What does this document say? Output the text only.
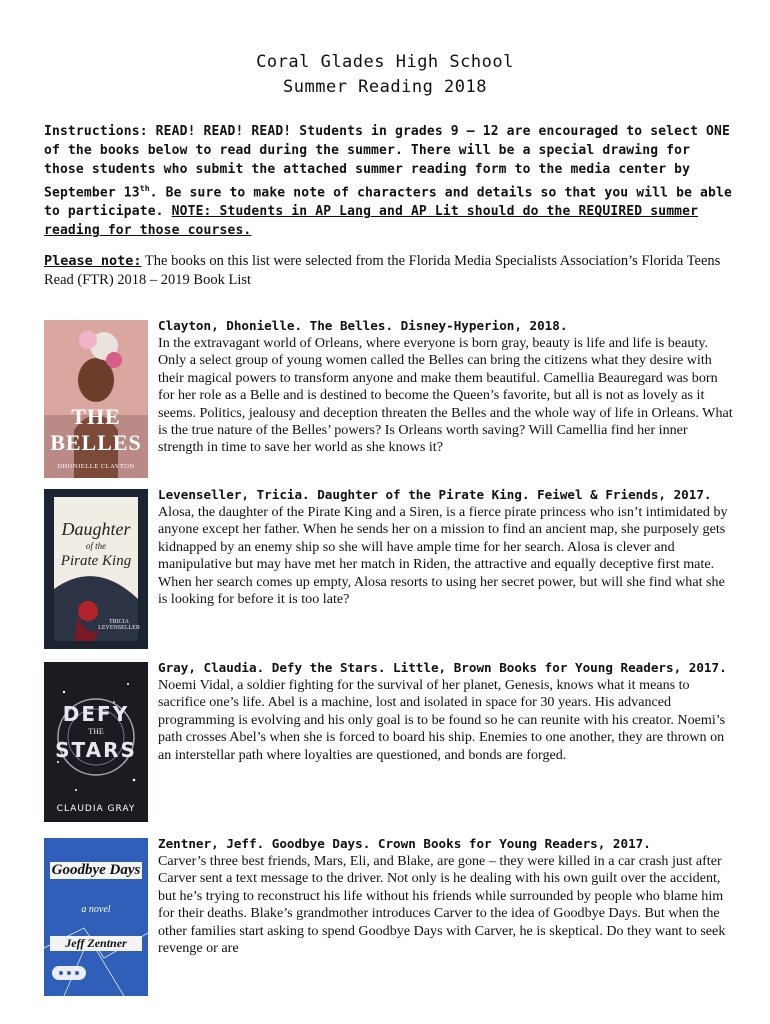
Coral Glades High School
Summer Reading 2018
Instructions: READ! READ! READ! Students in grades 9 – 12 are encouraged to select ONE of the books below to read during the summer. There will be a special drawing for those students who submit the attached summer reading form to the media center by September 13th. Be sure to make note of characters and details so that you will be able to participate. NOTE: Students in AP Lang and AP Lit should do the REQUIRED summer reading for those courses.
Please note: The books on this list were selected from the Florida Media Specialists Association’s Florida Teens Read (FTR) 2018 – 2019 Book List
THE BELLES
DHONIELLE CLAYTON
Clayton, Dhonielle. The Belles. Disney-Hyperion, 2018.
In the extravagant world of Orleans, where everyone is born gray, beauty is life and life is beauty. Only a select group of young women called the Belles can bring the citizens what they desire with their magical powers to transform anyone and make them beautiful. Camellia Beauregard was born for her role as a Belle and is destined to become the Queen’s favorite, but all is not as lovely as it seems. Politics, jealousy and deception threaten the Belles and the whole way of life in Orleans. What is the true nature of the Belles’ powers? Is Orleans worth saving? Will Camellia find her inner strength in time to save her world as she knows it?
Daughter
of the
Pirate King
TRICIA LEVENSELLER
Levenseller, Tricia. Daughter of the Pirate King. Feiwel & Friends, 2017.
Alosa, the daughter of the Pirate King and a Siren, is a fierce pirate princess who isn’t intimidated by anyone except her father. When he sends her on a mission to find an ancient map, she purposely gets kidnapped by an enemy ship so she will have ample time for her search. Alosa is clever and manipulative but may have met her match in Riden, the attractive and equally deceptive first mate. When her search comes up empty, Alosa resorts to using her secret power, but will she find what she is looking for before it is too late?
DEFY
THE
STARS
CLAUDIA GRAY
Gray, Claudia. Defy the Stars. Little, Brown Books for Young Readers, 2017.
Noemi Vidal, a soldier fighting for the survival of her planet, Genesis, knows what it means to sacrifice one’s life. Abel is a machine, lost and isolated in space for 30 years. His advanced programming is evolving and his only goal is to be found so he can reunite with his creator. Noemi’s path crosses Abel’s when she is forced to board his ship. Enemies to one another, they are thrown on an interstellar path where loyalties are questioned, and bonds are forged.
Goodbye Days
a novel
Jeff Zentner
Zentner, Jeff. Goodbye Days. Crown Books for Young Readers, 2017.
Carver’s three best friends, Mars, Eli, and Blake, are gone – they were killed in a car crash just after Carver sent a text message to the driver. Not only is he dealing with his own guilt over the accident, but he’s trying to reconstruct his life without his friends while surrounded by people who blame him for their deaths. Blake’s grandmother introduces Carver to the idea of Goodbye Days. But when the other families start asking to spend Goodbye Days with Carver, he is skeptical. Do they want to seek revenge or are
